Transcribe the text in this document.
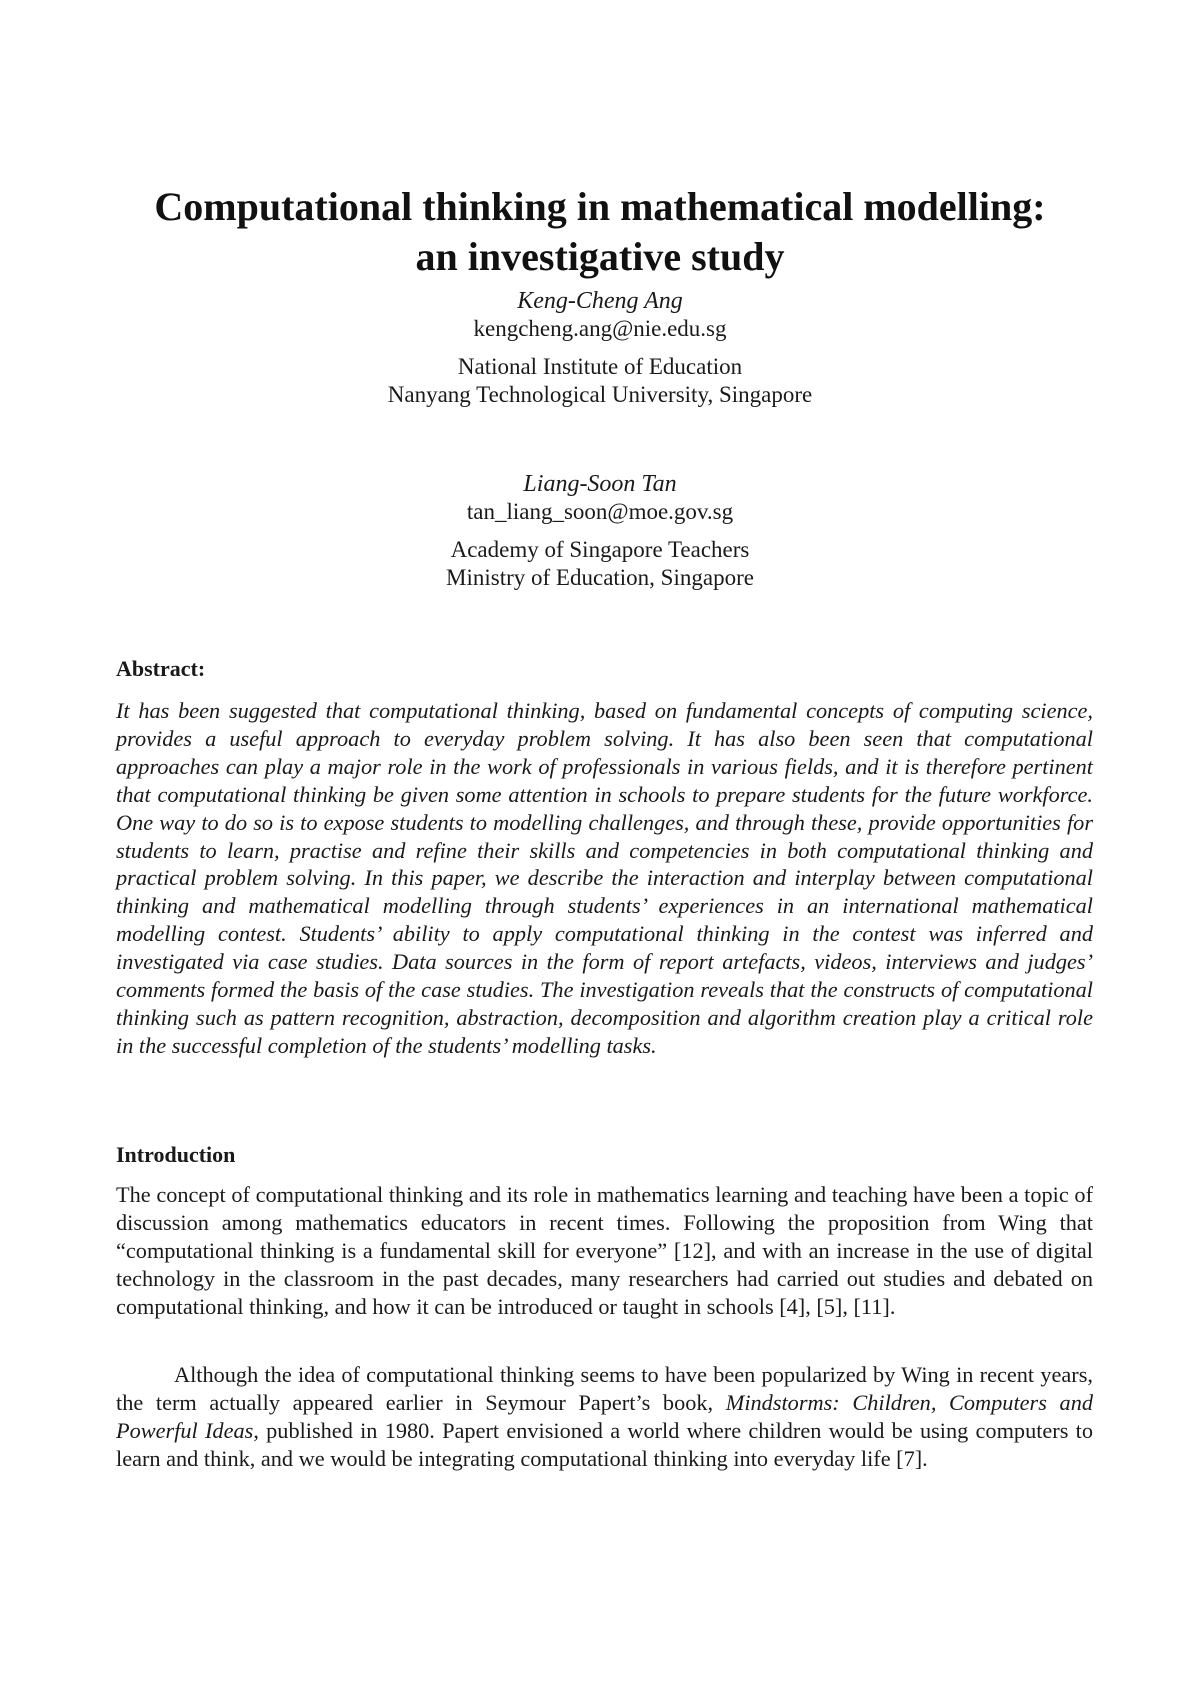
Computational thinking in mathematical modelling:
an investigative study
Keng-Cheng Ang
kengcheng.ang@nie.edu.sg
National Institute of Education
Nanyang Technological University, Singapore
Liang-Soon Tan
tan_liang_soon@moe.gov.sg
Academy of Singapore Teachers
Ministry of Education, Singapore
Abstract:

It has been suggested that computational thinking, based on fundamental concepts of computing science, provides a useful approach to everyday problem solving. It has also been seen that computational approaches can play a major role in the work of professionals in various fields, and it is therefore pertinent that computational thinking be given some attention in schools to prepare students for the future workforce. One way to do so is to expose students to modelling challenges, and through these, provide opportunities for students to learn, practise and refine their skills and competencies in both computational thinking and practical problem solving. In this paper, we describe the interaction and interplay between computational thinking and mathematical modelling through students’ experiences in an international mathematical modelling contest. Students’ ability to apply computational thinking in the contest was inferred and investigated via case studies. Data sources in the form of report artefacts, videos, interviews and judges’ comments formed the basis of the case studies. The investigation reveals that the constructs of computational thinking such as pattern recognition, abstraction, decomposition and algorithm creation play a critical role in the successful completion of the students’ modelling tasks.

Introduction

The concept of computational thinking and its role in mathematics learning and teaching have been a topic of discussion among mathematics educators in recent times. Following the proposition from Wing that “computational thinking is a fundamental skill for everyone” [12], and with an increase in the use of digital technology in the classroom in the past decades, many researchers had carried out studies and debated on computational thinking, and how it can be introduced or taught in schools [4], [5], [11].

Although the idea of computational thinking seems to have been popularized by Wing in recent years, the term actually appeared earlier in Seymour Papert’s book, Mindstorms: Children, Computers and Powerful Ideas, published in 1980. Papert envisioned a world where children would be using computers to learn and think, and we would be integrating computational thinking into everyday life [7].
